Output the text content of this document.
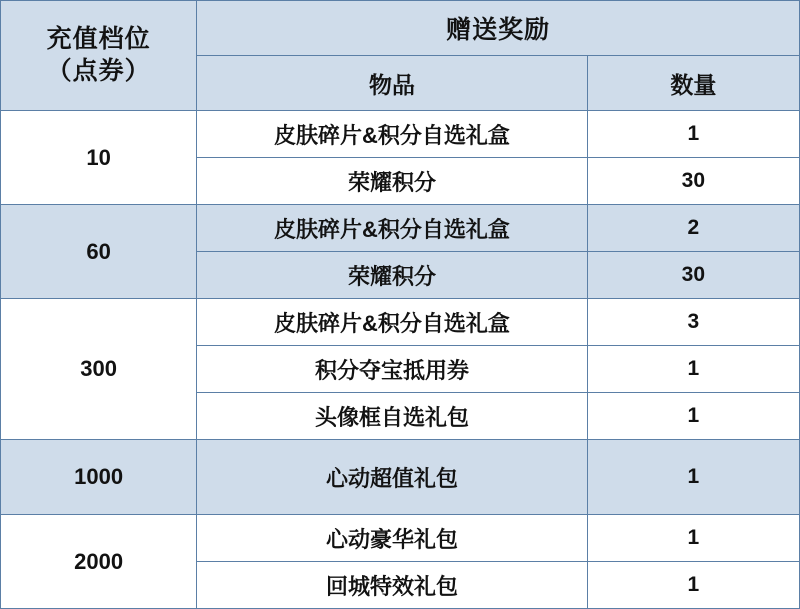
充值档位
（点券）	赠送奖励	
	物品	数量
10	皮肤碎片&积分自选礼盒	1
	荣耀积分	30
60	皮肤碎片&积分自选礼盒	2
	荣耀积分	30
300	皮肤碎片&积分自选礼盒	3
	积分夺宝抵用券	1
	头像框自选礼包	1
1000	心动超值礼包	1
2000	心动豪华礼包	1
	回城特效礼包	1
